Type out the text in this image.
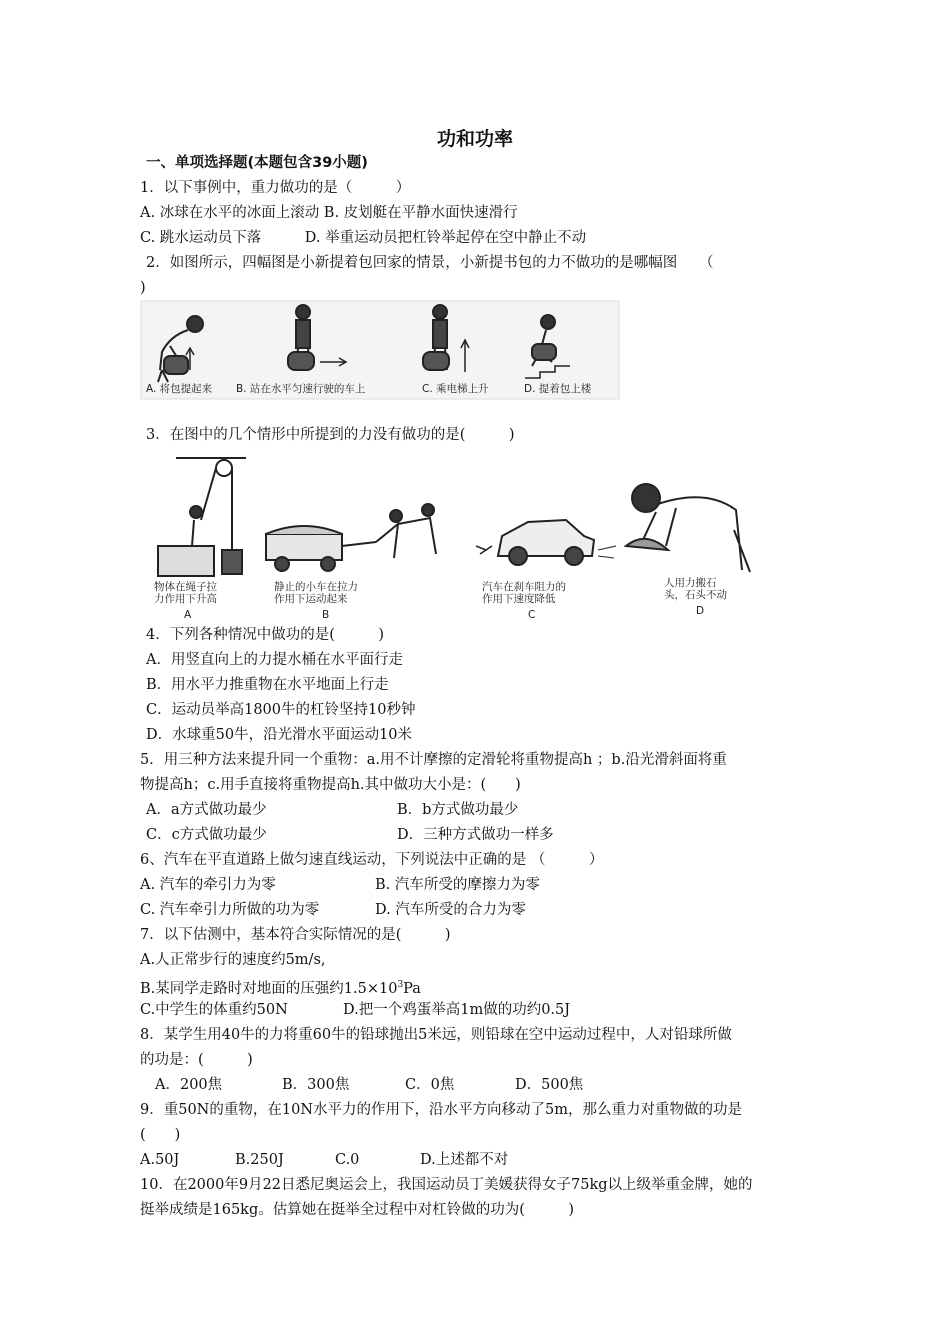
功和功率
一、单项选择题(本题包含39小题)
1．以下事例中，重力做功的是（　　　）
A. 冰球在水平的冰面上滚动 B. 皮划艇在平静水面快速滑行
C. 跳水运动员下落　　　D. 举重运动员把杠铃举起停在空中静止不动
2．如图所示，四幅图是小新提着包回家的情景，小新提书包的力不做功的是哪幅图　　（
)
A. 将包提起来 B. 站在水平匀速行驶的车上	C. 乘电梯上升	D. 提着包上楼
3．在图中的几个情形中所提到的力没有做功的是(　　　)
物体在绳子拉
力作用下升高
A
静止的小车在拉力
作用下运动起来
B
汽车在刹车阻力的
作用下速度降低
C
人用力搬石
头，石头不动
D
4．下列各种情况中做功的是(　　　)
A．用竖直向上的力提水桶在水平面行走
B．用水平力推重物在水平地面上行走
C．运动员举高1800牛的杠铃坚持10秒钟
D．水球重50牛，沿光滑水平面运动10米
5．用三种方法来提升同一个重物：a.用不计摩擦的定滑轮将重物提高h ；b.沿光滑斜面将重
物提高h；c.用手直接将重物提高h.其中做功大小是：(　　)
A．a方式做功最少	B．b方式做功最少
C．c方式做功最少	D．三种方式做功一样多
6、汽车在平直道路上做匀速直线运动，下列说法中正确的是 （　　　）
A. 汽车的牵引力为零	B. 汽车所受的摩擦力为零
C. 汽车牵引力所做的功为零	D. 汽车所受的合力为零
7．以下估测中，基本符合实际情况的是(　　　)
A.人正常步行的速度约5m/s,
B.某同学走路时对地面的压强约$1.5\times 10^3Pa$
C.中学生的体重约50N	D.把一个鸡蛋举高1m做的功约0.5J
8．某学生用40牛的力将重60牛的铅球抛出5米远，则铅球在空中运动过程中，人对铅球所做
的功是：(　　　)
A．200焦	B．300焦	C．0焦	D．500焦
9．重50N的重物，在10N水平力的作用下，沿水平方向移动了5m，那么重力对重物做的功是
(　　)
A.50J	B.250J	C.0	D.上述都不对
10．在2000年9月22日悉尼奥运会上，我国运动员丁美媛获得女子75kg以上级举重金牌，她的
挺举成绩是165kg。估算她在挺举全过程中对杠铃做的功为(　　　)
